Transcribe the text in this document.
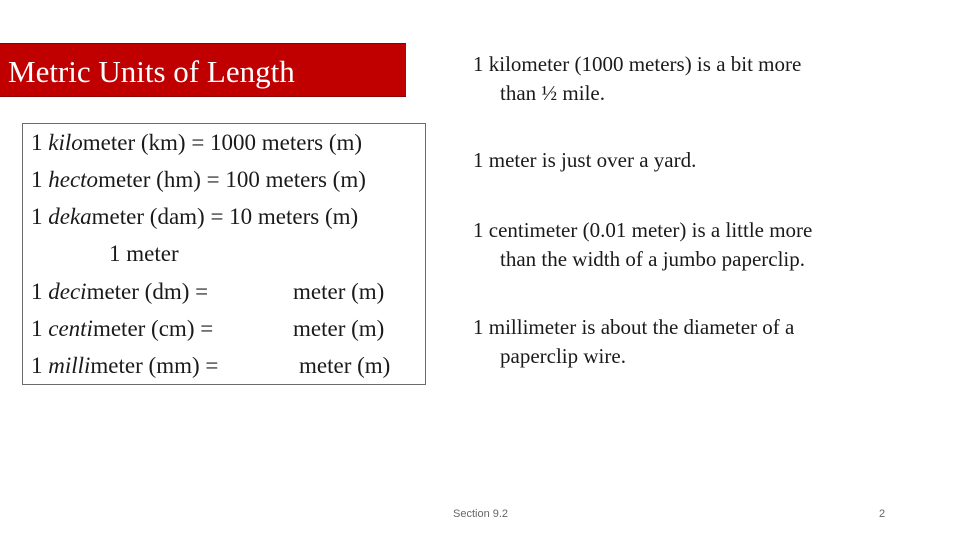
Metric Units of Length
1 kilometer (km) = 1000 meters (m)
1 hectometer (hm) = 100 meters (m)
1 dekameter (dam) = 10 meters (m)
1 meter
1 decimeter (dm) =	meter (m)
1 centimeter (cm) =	meter (m)
1 millimeter (mm) =	meter (m)
1 kilometer (1000 meters) is a bit more
than ½ mile.
1 meter is just over a yard.
1 centimeter (0.01 meter) is a little more
than the width of a jumbo paperclip.
1 millimeter is about the diameter of a
paperclip wire.
Section 9.2	2
